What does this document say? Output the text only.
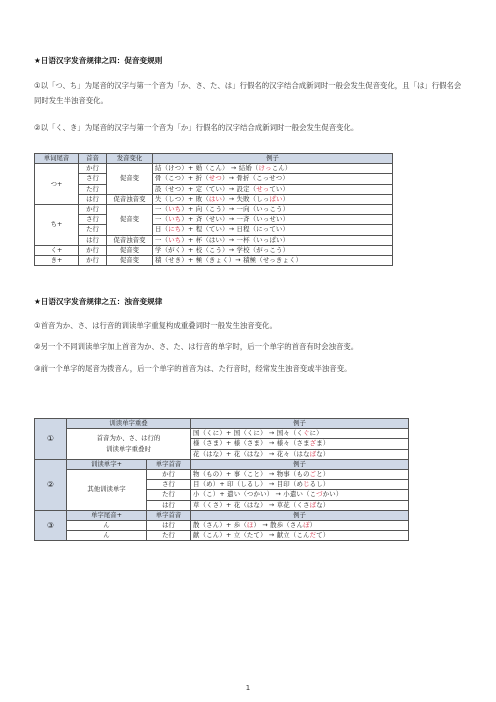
★日语汉字发音规律之四：促音变规则

①以「つ、ち」为尾音的汉字与第一个音为「か、さ、た、は」行假名的汉字结合成新词时一般会发生促音变化，且「は」行假名会同时发生半浊音变化。

②以「く、き」为尾音的汉字与第一个音为「か」行假名的汉字结合成新词时一般会发生促音变化。

单词尾音	首音	发音变化	例子
つ+	か行	促音变	結（けつ）+ 婚（こん） → 結婚（けっこん）
	さ行		骨（こつ）+ 折（せつ）→ 骨折（こっせつ）
	た行		設（せつ）+ 定（てい）→ 設定（せってい）
	は行	促音浊音变	失（しつ）+ 敗（はい）→ 失敗（しっぱい）
ち+	か行	促音变	一（いち）+ 向（こう）→ 一向（いっこう）
	さ行		一（いち）+ 斉（せい）→ 一斉（いっせい）
	た行		日（にち）+ 程（てい）→ 日程（にってい）
	は行	促音浊音变	一（いち）+ 杯（はい）→ 一杯（いっぱい）
く+	か行	促音变	学（がく）+ 校（こう）→ 学校（がっこう）
き+	か行	促音变	積（せき）+ 極（きょく）→ 積極（せっきょく）
★日语汉字发音规律之五：浊音变规律

①首音为か、さ、は行音的训读单字重复构成重叠词时一般发生浊音变化。

②另一个不同训读单字加上首音为か、さ、た、は行音的单字时，后一个单字的首音有时会浊音变。

③前一个单字的尾音为拨音ん，后一个单字的首音为は、た行音时，经常发生浊音变或半浊音变。

①	训读单字重叠		例子
	首音为か、さ、は行的
训读单字重叠时		国（くに）+ 国（くに） → 国々（くぐに）
			様（さま）+ 様（さま） → 様々（さまざま）
			花（はな）+ 花（はな） → 花々（はなばな）
②	训读单字+	单字首音	例子
	其他训读单字	か行	物（もの）+ 事（こと） → 物事（ものごと）
		さ行	目（め）+ 印（しるし） → 目印（めじるし）
		た行	小（こ）+ 遣い（つかい） → 小遣い（こづかい）
		は行	草（くさ）+ 花（はな） → 草花（くさばな）
③	单字尾音+	单字首音	例子
	ん	は行	散（さん）+ 歩（ほ） → 散歩（さんぽ）
	ん	た行	献（こん）+ 立（たて） → 献立（こんだて）
1
